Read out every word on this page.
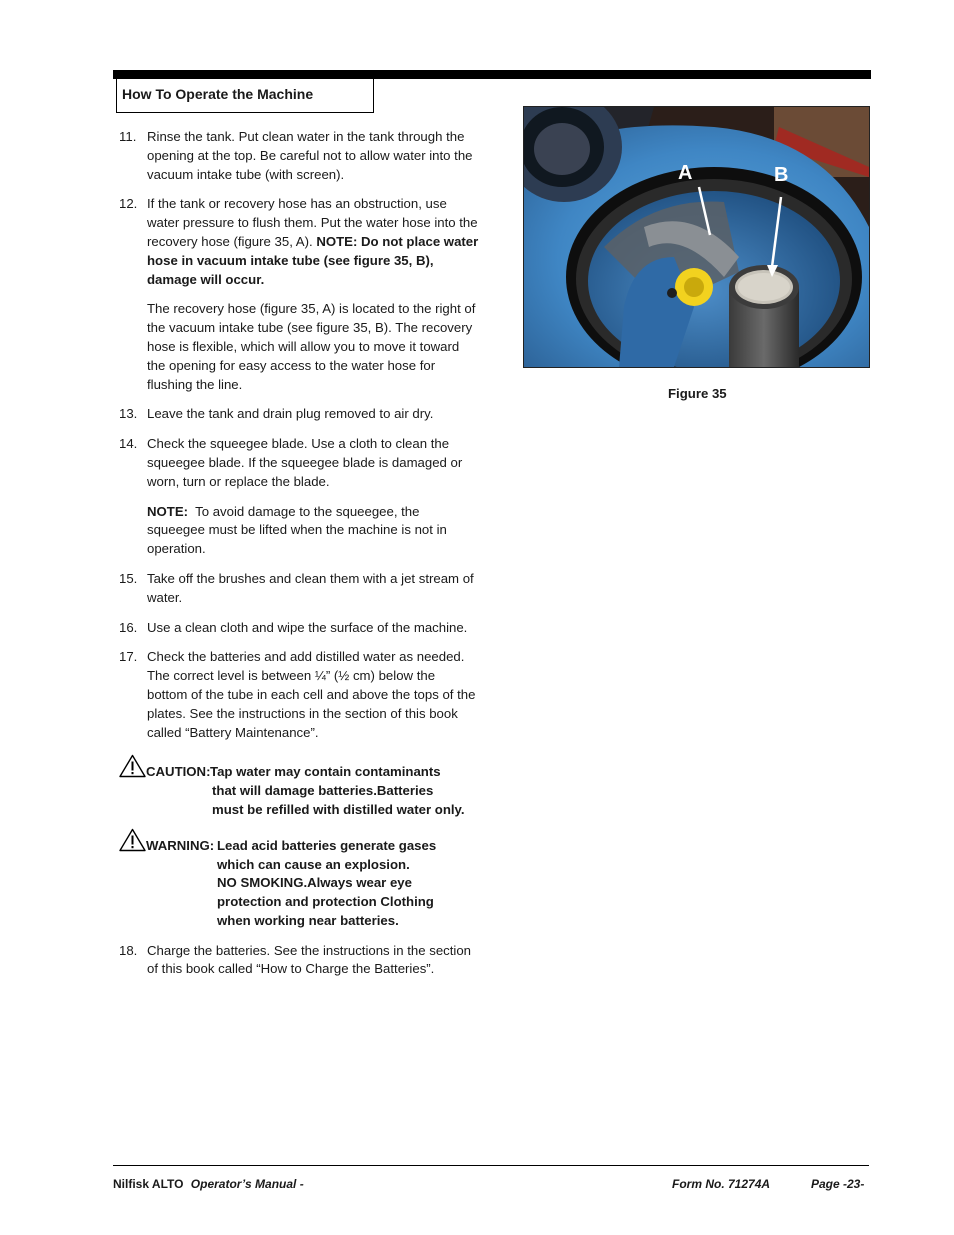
How To Operate the Machine
11. Rinse the tank. Put clean water in the tank through the opening at the top. Be careful not to allow water into the vacuum intake tube (with screen).
12. If the tank or recovery hose has an obstruction, use water pressure to flush them. Put the water hose into the recovery hose (figure 35, A). NOTE: Do not place water hose in vacuum intake tube (see figure 35, B), damage will occur.
The recovery hose (figure 35, A) is located to the right of the vacuum intake tube (see figure 35, B). The recovery hose is flexible, which will allow you to move it toward the opening for easy access to the water hose for flushing the line.
13. Leave the tank and drain plug removed to air dry.
14. Check the squeegee blade. Use a cloth to clean the squeegee blade. If the squeegee blade is damaged or worn, turn or replace the blade.
NOTE: To avoid damage to the squeegee, the squeegee must be lifted when the machine is not in operation.
15. Take off the brushes and clean them with a jet stream of water.
16. Use a clean cloth and wipe the surface of the machine.
17. Check the batteries and add distilled water as needed. The correct level is between ¼” (½ cm) below the bottom of the tube in each cell and above the tops of the plates. See the instructions in the section of this book called “Battery Maintenance”.
CAUTION: Tap water may contain contaminants
that will damage batteries.Batteries
must be refilled with distilled water only.
WARNING: Lead acid batteries generate gases
which can cause an explosion.
NO SMOKING.Always wear eye
protection and protection Clothing
when working near batteries.
18. Charge the batteries. See the instructions in the section of this book called “How to Charge the Batteries”.
A	B
Figure 35
Nilfisk ALTO Operator’s Manual -	Form No. 71274A	Page -23-
